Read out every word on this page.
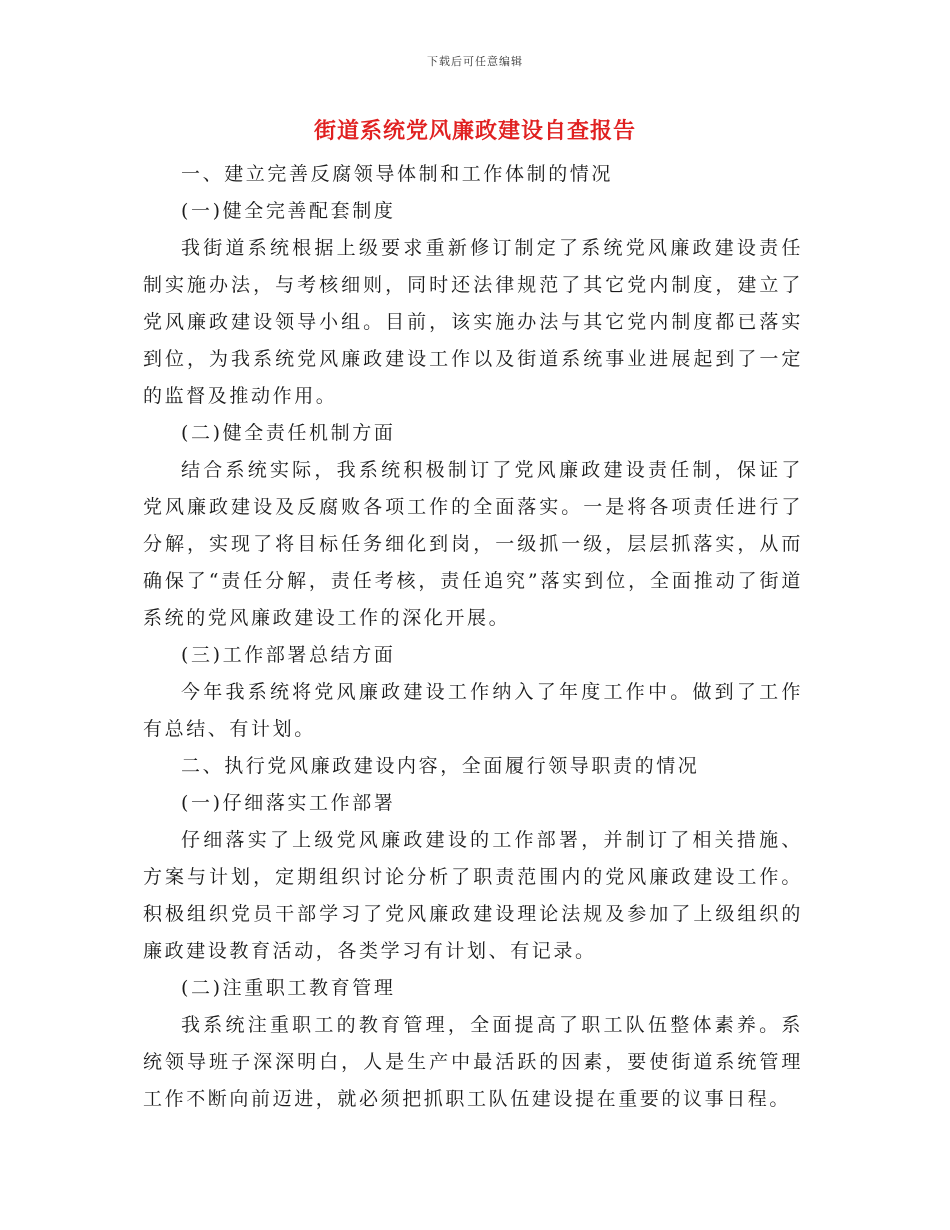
下载后可任意编辑
街道系统党风廉政建设自查报告

一、建立完善反腐领导体制和工作体制的情况

(一)健全完善配套制度

我街道系统根据上级要求重新修订制定了系统党风廉政建设责任制实施办法，与考核细则，同时还法律规范了其它党内制度，建立了党风廉政建设领导小组。目前，该实施办法与其它党内制度都已落实到位，为我系统党风廉政建设工作以及街道系统事业进展起到了一定的监督及推动作用。

(二)健全责任机制方面

结合系统实际，我系统积极制订了党风廉政建设责任制，保证了党风廉政建设及反腐败各项工作的全面落实。一是将各项责任进行了分解，实现了将目标任务细化到岗，一级抓一级，层层抓落实，从而确保了“责任分解，责任考核，责任追究”落实到位，全面推动了街道系统的党风廉政建设工作的深化开展。

(三)工作部署总结方面

今年我系统将党风廉政建设工作纳入了年度工作中。做到了工作有总结、有计划。

二、执行党风廉政建设内容，全面履行领导职责的情况

(一)仔细落实工作部署

仔细落实了上级党风廉政建设的工作部署，并制订了相关措施、方案与计划，定期组织讨论分析了职责范围内的党风廉政建设工作。积极组织党员干部学习了党风廉政建设理论法规及参加了上级组织的廉政建设教育活动，各类学习有计划、有记录。

(二)注重职工教育管理

我系统注重职工的教育管理，全面提高了职工队伍整体素养。系统领导班子深深明白，人是生产中最活跃的因素，要使街道系统管理工作不断向前迈进，就必须把抓职工队伍建设提在重要的议事日程。
